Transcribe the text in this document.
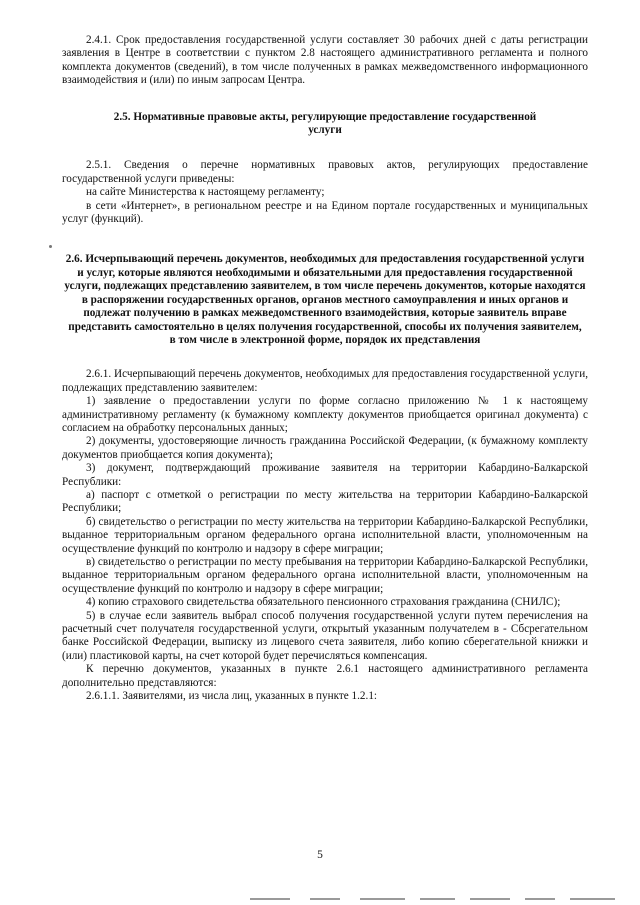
2.4.1. Срок предоставления государственной услуги составляет 30 рабочих дней с даты регистрации заявления в Центре в соответствии с пунктом 2.8 настоящего административного регламента и полного комплекта документов (сведений), в том числе полученных в рамках межведомственного информационного взаимодействия и (или) по иным запросам Центра.

2.5. Нормативные правовые акты, регулирующие предоставление государственной услуги

2.5.1. Сведения о перечне нормативных правовых актов, регулирующих предоставление государственной услуги приведены:

на сайте Министерства к настоящему регламенту;

в сети «Интернет», в региональном реестре и на Едином портале государственных и муниципальных услуг (функций).

2.6. Исчерпывающий перечень документов, необходимых для предоставления государственной услуги и услуг, которые являются необходимыми и обязательными для предоставления государственной услуги, подлежащих представлению заявителем, в том числе перечень документов, которые находятся в распоряжении государственных органов, органов местного самоуправления и иных органов и подлежат получению в рамках межведомственного взаимодействия, которые заявитель вправе представить самостоятельно в целях получения государственной, способы их получения заявителем, в том числе в электронной форме, порядок их представления

2.6.1. Исчерпывающий перечень документов, необходимых для предоставления государственной услуги, подлежащих представлению заявителем:

1) заявление о предоставлении услуги по форме согласно приложению № 1 к настоящему административному регламенту (к бумажному комплекту документов приобщается оригинал документа) с согласием на обработку персональных данных;

2) документы, удостоверяющие личность гражданина Российской Федерации, (к бумажному комплекту документов приобщается копия документа);

3) документ, подтверждающий проживание заявителя на территории Кабардино-Балкарской Республики:

а) паспорт с отметкой о регистрации по месту жительства на территории Кабардино-Балкарской Республики;

б) свидетельство о регистрации по месту жительства на территории Кабардино-Балкарской Республики, выданное территориальным органом федерального органа исполнительной власти, уполномоченным на осуществление функций по контролю и надзору в сфере миграции;

в) свидетельство о регистрации по месту пребывания на территории Кабардино-Балкарской Республики, выданное территориальным органом федерального органа исполнительной власти, уполномоченным на осуществление функций по контролю и надзору в сфере миграции;

4) копию страхового свидетельства обязательного пенсионного страхования гражданина (СНИЛС);

5) в случае если заявитель выбрал способ получения государственной услуги путем перечисления на расчетный счет получателя государственной услуги, открытый указанным получателем в - Сбсрегательном банке Российской Федерации, выписку из лицевого счета заявителя, либо копию сберегательной книжки и (или) пластиковой карты, на счет которой будет перечисляться компенсация.

К перечню документов, указанных в пункте 2.6.1 настоящего административного регламента дополнительно представляются:

2.6.1.1. Заявителями, из числа лиц, указанных в пункте 1.2.1:

5
